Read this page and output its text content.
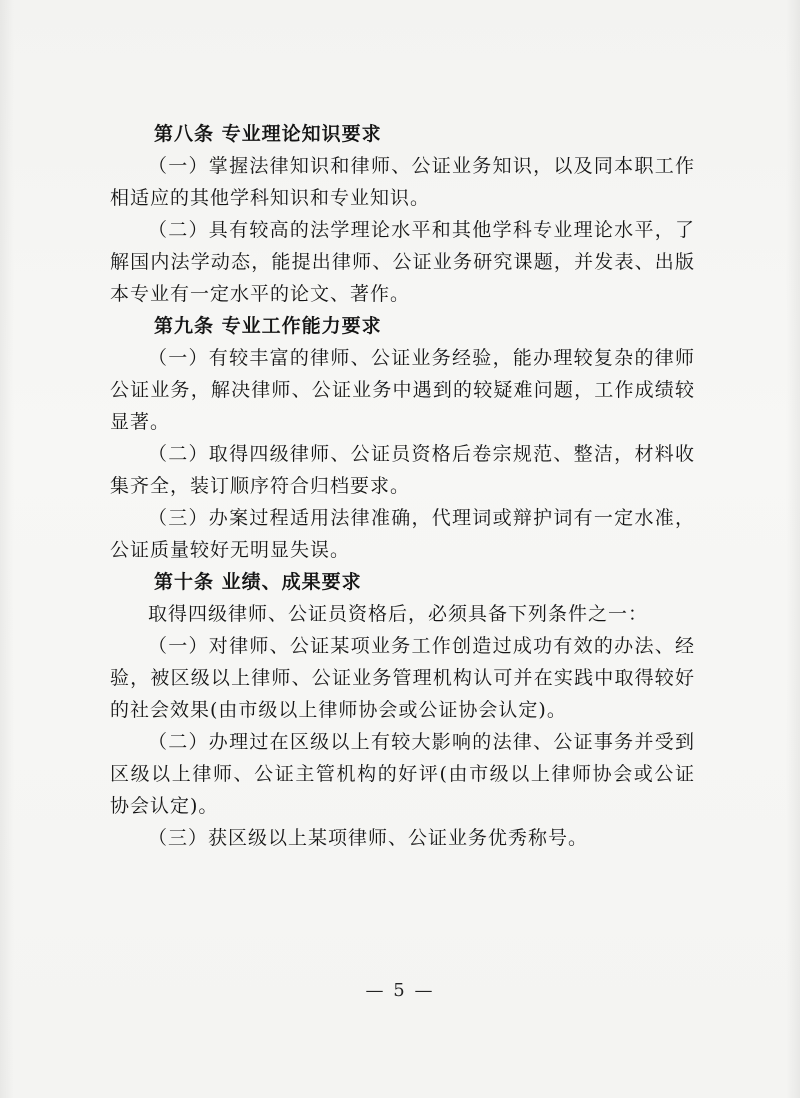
第八条 专业理论知识要求

（一）掌握法律知识和律师、公证业务知识，以及同本职工作相适应的其他学科知识和专业知识。

（二）具有较高的法学理论水平和其他学科专业理论水平，了解国内法学动态，能提出律师、公证业务研究课题，并发表、出版本专业有一定水平的论文、著作。

第九条 专业工作能力要求

（一）有较丰富的律师、公证业务经验，能办理较复杂的律师公证业务，解决律师、公证业务中遇到的较疑难问题，工作成绩较显著。

（二）取得四级律师、公证员资格后卷宗规范、整洁，材料收集齐全，装订顺序符合归档要求。

（三）办案过程适用法律准确，代理词或辩护词有一定水准，公证质量较好无明显失误。

第十条 业绩、成果要求

取得四级律师、公证员资格后，必须具备下列条件之一：

（一）对律师、公证某项业务工作创造过成功有效的办法、经验，被区级以上律师、公证业务管理机构认可并在实践中取得较好的社会效果(由市级以上律师协会或公证协会认定)。

（二）办理过在区级以上有较大影响的法律、公证事务并受到区级以上律师、公证主管机构的好评(由市级以上律师协会或公证协会认定)。

（三）获区级以上某项律师、公证业务优秀称号。

— 5 —
